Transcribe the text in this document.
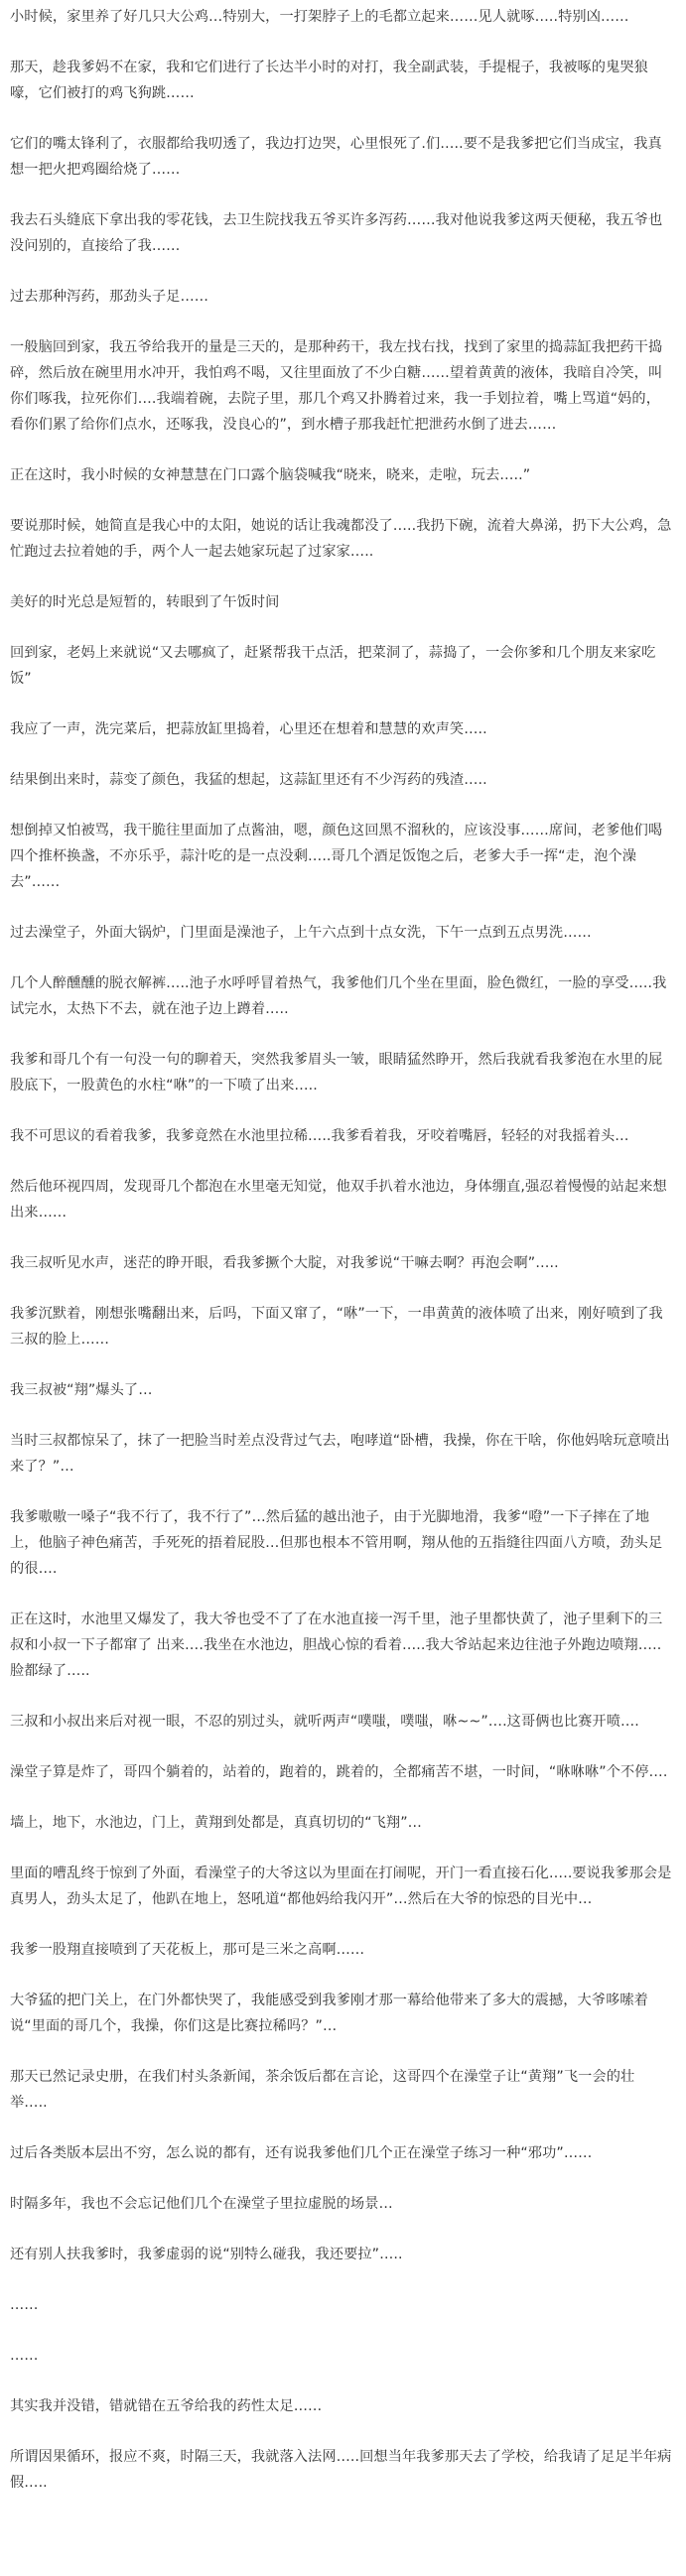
小时候，家里养了好几只大公鸡…特别大，一打架脖子上的毛都立起来……见人就啄…..特别凶……

那天，趁我爹妈不在家，我和它们进行了长达半小时的对打，我全副武装，手提棍子，我被啄的鬼哭狼嚎，它们被打的鸡飞狗跳……

它们的嘴太锋利了，衣服都给我叨透了，我边打边哭，心里恨死了.们…..要不是我爹把它们当成宝，我真想一把火把鸡圈给烧了……

我去石头缝底下拿出我的零花钱，去卫生院找我五爷买许多泻药……我对他说我爹这两天便秘，我五爷也没问别的，直接给了我……

过去那种泻药，那劲头子足……

一般脑回到家，我五爷给我开的量是三天的，是那种药干，我左找右找，找到了家里的捣蒜缸我把药干捣碎，然后放在碗里用水冲开，我怕鸡不喝，又往里面放了不少白糖……望着黄黄的液体，我暗自冷笑，叫你们啄我，拉死你们….我端着碗，去院子里，那几个鸡又扑腾着过来，我一手划拉着，嘴上骂道“妈的，看你们累了给你们点水，还啄我，没良心的”，到水槽子那我赶忙把泄药水倒了进去……

正在这时，我小时候的女神慧慧在门口露个脑袋喊我“晓来，晓来，走啦，玩去…..”

要说那时候，她简直是我心中的太阳，她说的话让我魂都没了…..我扔下碗，流着大鼻涕，扔下大公鸡，急忙跑过去拉着她的手，两个人一起去她家玩起了过家家…..

美好的时光总是短暂的，转眼到了午饭时间

回到家，老妈上来就说“又去哪疯了，赶紧帮我干点活，把菜洞了，蒜捣了，一会你爹和几个朋友来家吃饭”

我应了一声，洗完菜后，把蒜放缸里捣着，心里还在想着和慧慧的欢声笑…..

结果倒出来时，蒜变了颜色，我猛的想起，这蒜缸里还有不少泻药的残渣…..

想倒掉又怕被骂，我干脆往里面加了点酱油，嗯，颜色这回黑不溜秋的，应该没事……席间，老爹他们喝四个推杯换盏，不亦乐乎，蒜汁吃的是一点没剩…..哥几个酒足饭饱之后，老爹大手一挥“走，泡个澡去”……

过去澡堂子，外面大锅炉，门里面是澡池子，上午六点到十点女洗，下午一点到五点男洗……

几个人醉醺醺的脱衣解裤…..池子水呼呼冒着热气，我爹他们几个坐在里面，脸色微红，一脸的享受…..我试完水，太热下不去，就在池子边上蹲着…..

我爹和哥几个有一句没一句的聊着天，突然我爹眉头一皱，眼睛猛然睁开，然后我就看我爹泡在水里的屁股底下，一股黄色的水柱“咻”的一下喷了出来…..

我不可思议的看着我爹，我爹竟然在水池里拉稀…..我爹看着我，牙咬着嘴唇，轻轻的对我摇着头…

然后他环视四周，发现哥几个都泡在水里毫无知觉，他双手扒着水池边，身体绷直,强忍着慢慢的站起来想出来……

我三叔听见水声，迷茫的睁开眼，看我爹撅个大腚，对我爹说“干嘛去啊？再泡会啊”…..

我爹沉默着，刚想张嘴翻出来，后吗，下面又窜了，“咻”一下，一串黄黄的液体喷了出来，刚好喷到了我三叔的脸上……

我三叔被“翔”爆头了…

当时三叔都惊呆了，抹了一把脸当时差点没背过气去，咆哮道“卧槽，我操，你在干啥，你他妈啥玩意喷出来了？”…

我爹嗷嗷一嗓子“我不行了，我不行了”…然后猛的越出池子，由于光脚地滑，我爹“噔”一下子摔在了地上，他脑子神色痛苦，手死死的捂着屁股…但那也根本不管用啊，翔从他的五指缝往四面八方喷，劲头足的很….

正在这时，水池里又爆发了，我大爷也受不了了在水池直接一泻千里，池子里都快黄了，池子里剩下的三叔和小叔一下子都窜了 出来….我坐在水池边，胆战心惊的看着…..我大爷站起来边往池子外跑边喷翔…..脸都绿了…..

三叔和小叔出来后对视一眼，不忍的别过头，就听两声“噗嗤，噗嗤，咻~~”….这哥俩也比赛开喷….

澡堂子算是炸了，哥四个躺着的，站着的，跑着的，跳着的，全都痛苦不堪，一时间，“咻咻咻”个不停….

墙上，地下，水池边，门上，黄翔到处都是，真真切切的“飞翔”…

里面的嘈乱终于惊到了外面，看澡堂子的大爷这以为里面在打闹呢，开门一看直接石化…..要说我爹那会是真男人，劲头太足了，他趴在地上，怒吼道“都他妈给我闪开”…然后在大爷的惊恐的目光中…

我爹一股翔直接喷到了天花板上，那可是三米之高啊……

大爷猛的把门关上，在门外都快哭了，我能感受到我爹刚才那一幕给他带来了多大的震撼，大爷哆嗦着说“里面的哥几个，我操，你们这是比赛拉稀吗？”…

那天已然记录史册，在我们村头条新闻，茶余饭后都在言论，这哥四个在澡堂子让“黄翔”飞一会的壮举…..

过后各类版本层出不穷，怎么说的都有，还有说我爹他们几个正在澡堂子练习一种“邪功”……

时隔多年，我也不会忘记他们几个在澡堂子里拉虚脱的场景…

还有别人扶我爹时，我爹虚弱的说“别特么碰我，我还要拉”…..

……

……

其实我并没错，错就错在五爷给我的药性太足……

所谓因果循环，报应不爽，时隔三天，我就落入法网…..回想当年我爹那天去了学校，给我请了足足半年病假…..
